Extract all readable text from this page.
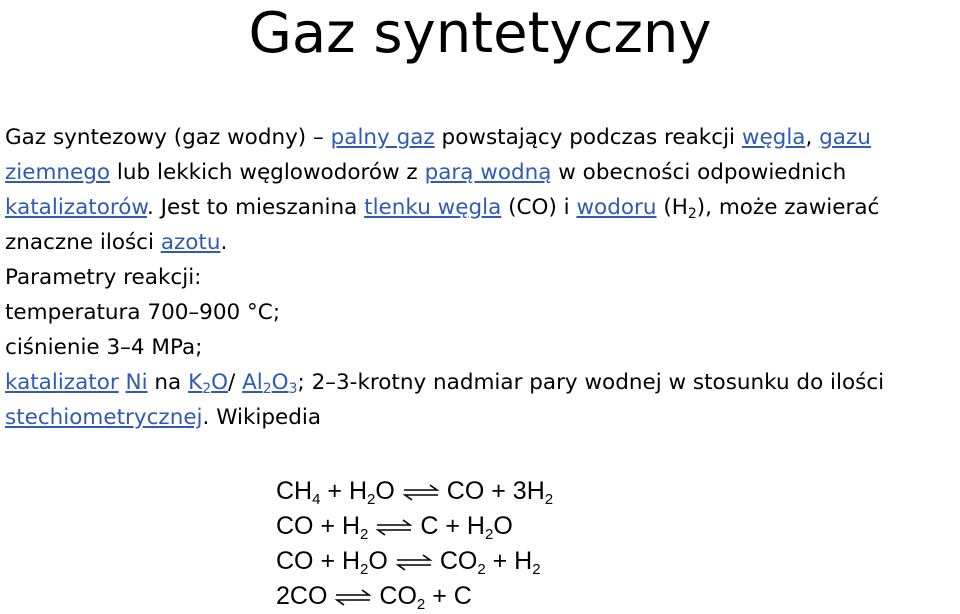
Gaz syntetyczny
Gaz syntezowy (gaz wodny) – palny gaz powstający podczas reakcji węgla, gazu
ziemnego lub lekkich węglowodorów z parą wodną w obecności odpowiednich
katalizatorów. Jest to mieszanina tlenku węgla (CO) i wodoru $(H_2)$, może zawierać
znaczne ilości azotu.
Parametry reakcji:
temperatura 700–900 °C;
ciśnienie 3–4 MPa;
katalizator Ni na $K_2O/$ $Al_2O_3$; 2–3-krotny nadmiar pary wodnej w stosunku do ilości
stechiometrycznej. Wikipedia
$CH_4 + H_2O$ ⇌ CO + $3H_2$
CO + $H_2$ ⇌ $C + H_2O$
CO + $H_2O$ ⇌ $CO_2 + H_2$
2CO ⇌ $CO_2 + C$
